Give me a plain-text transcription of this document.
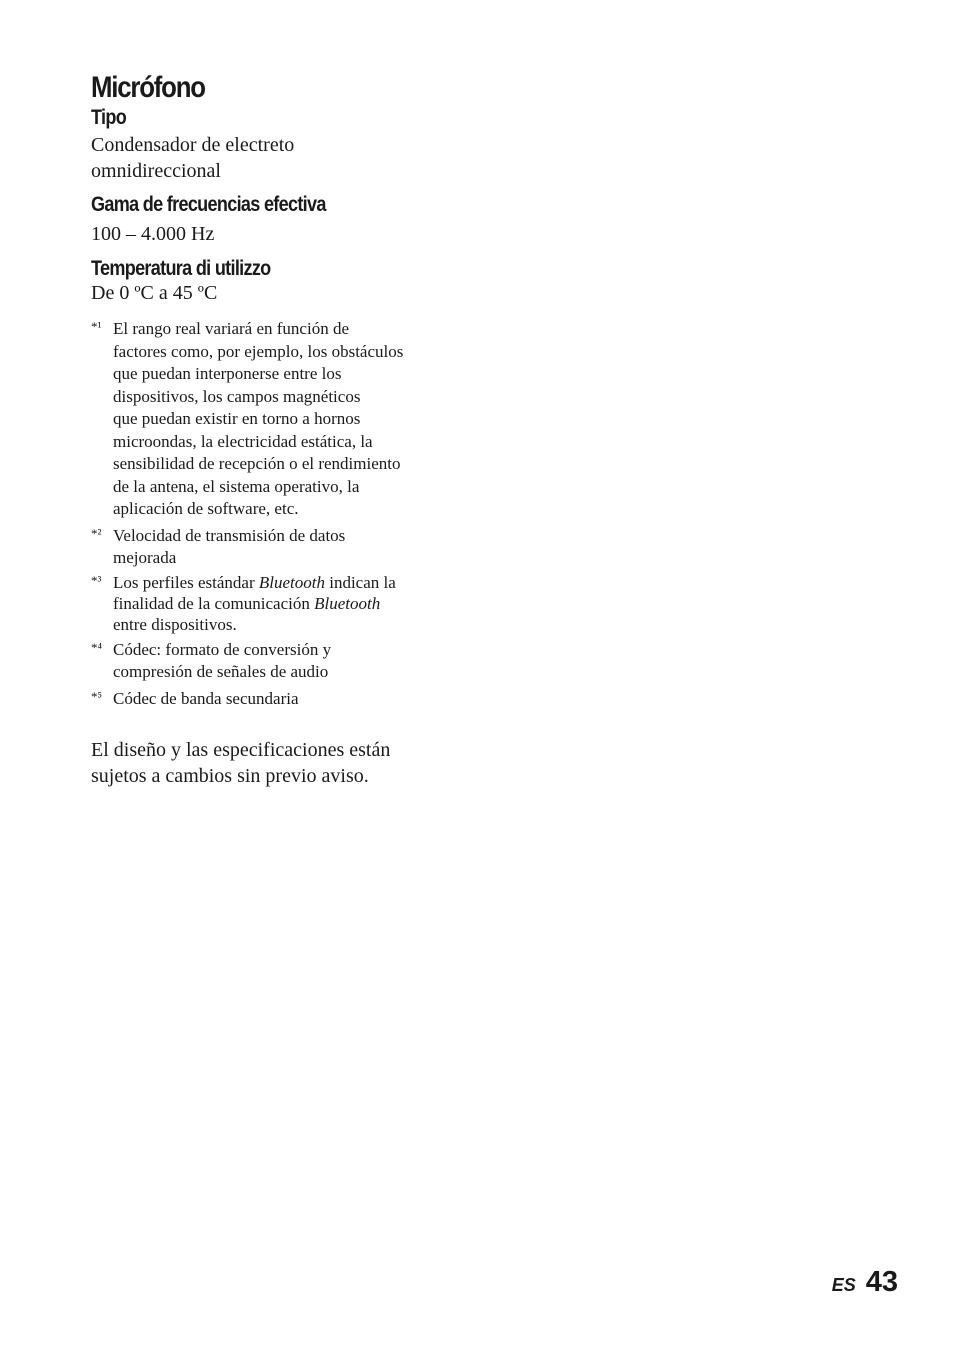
Micrófono
Tipo

Condensador de electreto

omnidireccional

Gama de frecuencias efectiva

100 – 4.000 Hz

Temperatura di utilizzo

De 0 ºC a 45 ºC

*¹ El rango real variará en función de
factores como, por ejemplo, los obstáculos
que puedan interponerse entre los
dispositivos, los campos magnéticos
que puedan existir en torno a hornos
microondas, la electricidad estática, la
sensibilidad de recepción o el rendimiento
de la antena, el sistema operativo, la
aplicación de software, etc.
*² Velocidad de transmisión de datos
mejorada
*³ Los perfiles estándar Bluetooth indican la
finalidad de la comunicación Bluetooth
entre dispositivos.
*⁴ Códec: formato de conversión y
compresión de señales de audio
*⁵ Códec de banda secundaria

El diseño y las especificaciones están

sujetos a cambios sin previo aviso.

ES 43
